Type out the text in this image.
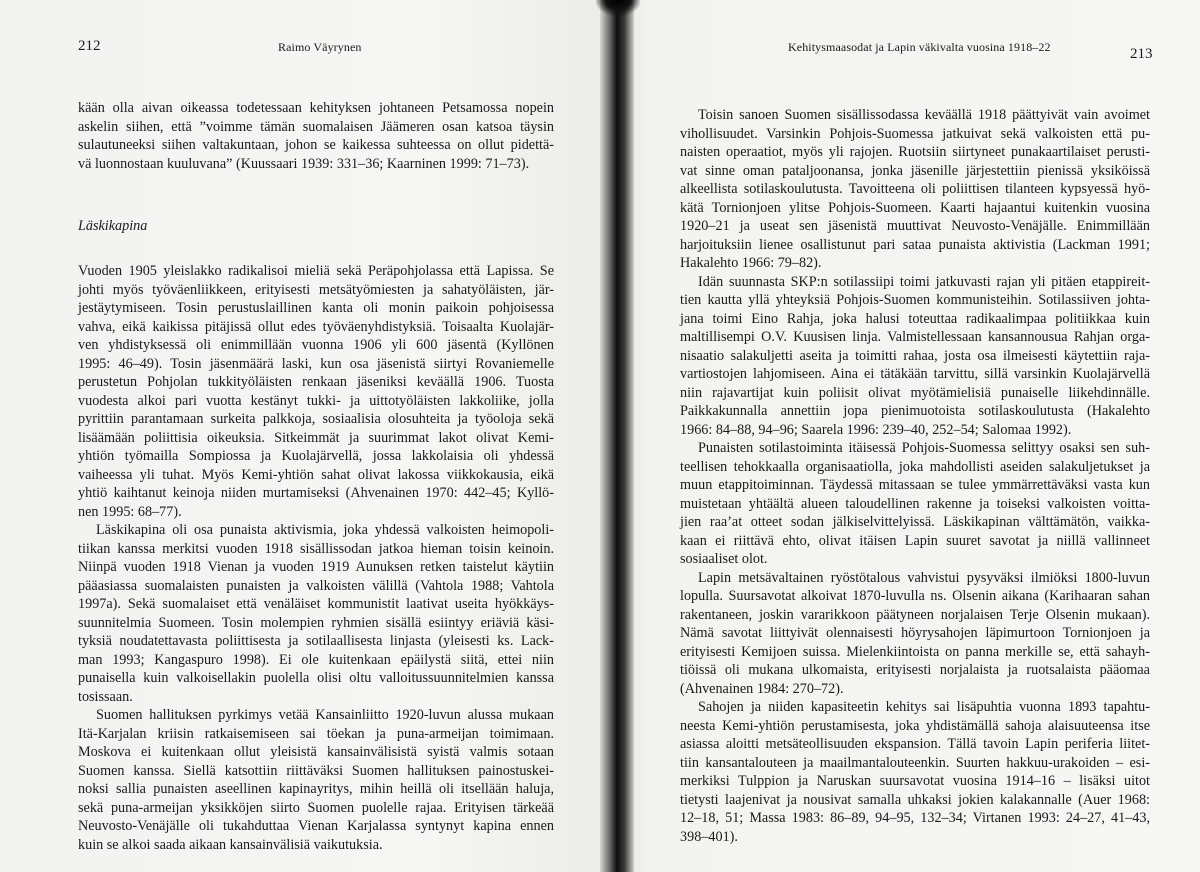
212	Raimo Väyrynen
kään olla aivan oikeassa todetessaan kehityksen johtaneen Petsamossa nopein
askelin siihen, että ”voimme tämän suomalaisen Jäämeren osan katsoa täysin
sulautuneeksi siihen valtakuntaan, johon se kaikessa suhteessa on ollut pidettä-
vä luonnostaan kuuluvana” (Kuussaari 1939: 331–36; Kaarninen 1999: 71–73).
Läskikapina
Vuoden 1905 yleislakko radikalisoi mieliä sekä Peräpohjolassa että Lapissa. Se
johti myös työväenliikkeen, erityisesti metsätyömiesten ja sahatyöläisten, jär-
jestäytymiseen. Tosin perustuslaillinen kanta oli monin paikoin pohjoisessa
vahva, eikä kaikissa pitäjissä ollut edes työväenyhdistyksiä. Toisaalta Kuolajär-
ven yhdistyksessä oli enimmillään vuonna 1906 yli 600 jäsentä (Kyllönen
1995: 46–49). Tosin jäsenmäärä laski, kun osa jäsenistä siirtyi Rovaniemelle
perustetun Pohjolan tukkityöläisten renkaan jäseniksi keväällä 1906. Tuosta
vuodesta alkoi pari vuotta kestänyt tukki- ja uittotyöläisten lakkoliike, jolla
pyrittiin parantamaan surkeita palkkoja, sosiaalisia olosuhteita ja työoloja sekä
lisäämään poliittisia oikeuksia. Sitkeimmät ja suurimmat lakot olivat Kemi-
yhtiön työmailla Sompiossa ja Kuolajärvellä, jossa lakkolaisia oli yhdessä
vaiheessa yli tuhat. Myös Kemi-yhtiön sahat olivat lakossa viikkokausia, eikä
yhtiö kaihtanut keinoja niiden murtamiseksi (Ahvenainen 1970: 442–45; Kyllö-
nen 1995: 68–77).
Läskikapina oli osa punaista aktivismia, joka yhdessä valkoisten heimopoli-
tiikan kanssa merkitsi vuoden 1918 sisällissodan jatkoa hieman toisin keinoin.
Niinpä vuoden 1918 Vienan ja vuoden 1919 Aunuksen retken taistelut käytiin
pääasiassa suomalaisten punaisten ja valkoisten välillä (Vahtola 1988; Vahtola
1997a). Sekä suomalaiset että venäläiset kommunistit laativat useita hyökkäys-
suunnitelmia Suomeen. Tosin molempien ryhmien sisällä esiintyy eriäviä käsi-
tyksiä noudatettavasta poliittisesta ja sotilaallisesta linjasta (yleisesti ks. Lack-
man 1993; Kangaspuro 1998). Ei ole kuitenkaan epäilystä siitä, ettei niin
punaisella kuin valkoisellakin puolella olisi oltu valloitussuunnitelmien kanssa
tosissaan.
Suomen hallituksen pyrkimys vetää Kansainliitto 1920-luvun alussa mukaan
Itä-Karjalan kriisin ratkaisemiseen sai töekan ja puna-armeijan toimimaan.
Moskova ei kuitenkaan ollut yleisistä kansainvälisistä syistä valmis sotaan
Suomen kanssa. Siellä katsottiin riittäväksi Suomen hallituksen painostuskei-
noksi sallia punaisten aseellinen kapinayritys, mihin heillä oli itsellään haluja,
sekä puna-armeijan yksikköjen siirto Suomen puolelle rajaa. Erityisen tärkeää
Neuvosto-Venäjälle oli tukahduttaa Vienan Karjalassa syntynyt kapina ennen
kuin se alkoi saada aikaan kansainvälisiä vaikutuksia.
Kehitysmaasodat ja Lapin väkivalta vuosina 1918–22	213
Toisin sanoen Suomen sisällissodassa keväällä 1918 päättyivät vain avoimet
vihollisuudet. Varsinkin Pohjois-Suomessa jatkuivat sekä valkoisten että pu-
naisten operaatiot, myös yli rajojen. Ruotsiin siirtyneet punakaartilaiset perusti-
vat sinne oman pataljoonansa, jonka jäsenille järjestettiin pienissä yksiköissä
alkeellista sotilaskoulutusta. Tavoitteena oli poliittisen tilanteen kypsyessä hyö-
kätä Tornionjoen ylitse Pohjois-Suomeen. Kaarti hajaantui kuitenkin vuosina
1920–21 ja useat sen jäsenistä muuttivat Neuvosto-Venäjälle. Enimmillään
harjoituksiin lienee osallistunut pari sataa punaista aktivistia (Lackman 1991;
Hakalehto 1966: 79–82).
Idän suunnasta SKP:n sotilassiipi toimi jatkuvasti rajan yli pitäen etappireit-
tien kautta yllä yhteyksiä Pohjois-Suomen kommunisteihin. Sotilassiiven johta-
jana toimi Eino Rahja, joka halusi toteuttaa radikaalimpaa politiikkaa kuin
maltillisempi O.V. Kuusisen linja. Valmistellessaan kansannousua Rahjan orga-
nisaatio salakuljetti aseita ja toimitti rahaa, josta osa ilmeisesti käytettiin raja-
vartiostojen lahjomiseen. Aina ei tätäkään tarvittu, sillä varsinkin Kuolajärvellä
niin rajavartijat kuin poliisit olivat myötämielisiä punaiselle liikehdinnälle.
Paikkakunnalla annettiin jopa pienimuotoista sotilaskoulutusta (Hakalehto
1966: 84–88, 94–96; Saarela 1996: 239–40, 252–54; Salomaa 1992).
Punaisten sotilastoiminta itäisessä Pohjois-Suomessa selittyy osaksi sen suh-
teellisen tehokkaalla organisaatiolla, joka mahdollisti aseiden salakuljetukset ja
muun etappitoiminnan. Täydessä mitassaan se tulee ymmärrettäväksi vasta kun
muistetaan yhtäältä alueen taloudellinen rakenne ja toiseksi valkoisten voitta-
jien raa’at otteet sodan jälkiselvittelyissä. Läskikapinan välttämätön, vaikka-
kaan ei riittävä ehto, olivat itäisen Lapin suuret savotat ja niillä vallinneet
sosiaaliset olot.
Lapin metsävaltainen ryöstötalous vahvistui pysyväksi ilmiöksi 1800-luvun
lopulla. Suursavotat alkoivat 1870-luvulla ns. Olsenin aikana (Karihaaran sahan
rakentaneen, joskin vararikkoon päätyneen norjalaisen Terje Olsenin mukaan).
Nämä savotat liittyivät olennaisesti höyrysahojen läpimurtoon Tornionjoen ja
erityisesti Kemijoen suissa. Mielenkiintoista on panna merkille se, että sahayh-
tiöissä oli mukana ulkomaista, erityisesti norjalaista ja ruotsalaista pääomaa
(Ahvenainen 1984: 270–72).
Sahojen ja niiden kapasiteetin kehitys sai lisäpuhtia vuonna 1893 tapahtu-
neesta Kemi-yhtiön perustamisesta, joka yhdistämällä sahoja alaisuuteensa itse
asiassa aloitti metsäteollisuuden ekspansion. Tällä tavoin Lapin periferia liitet-
tiin kansantalouteen ja maailmantalouteenkin. Suurten hakkuu-urakoiden – esi-
merkiksi Tulppion ja Naruskan suursavotat vuosina 1914–16 – lisäksi uitot
tietysti laajenivat ja nousivat samalla uhkaksi jokien kalakannalle (Auer 1968:
12–18, 51; Massa 1983: 86–89, 94–95, 132–34; Virtanen 1993: 24–27, 41–43,
398–401).
